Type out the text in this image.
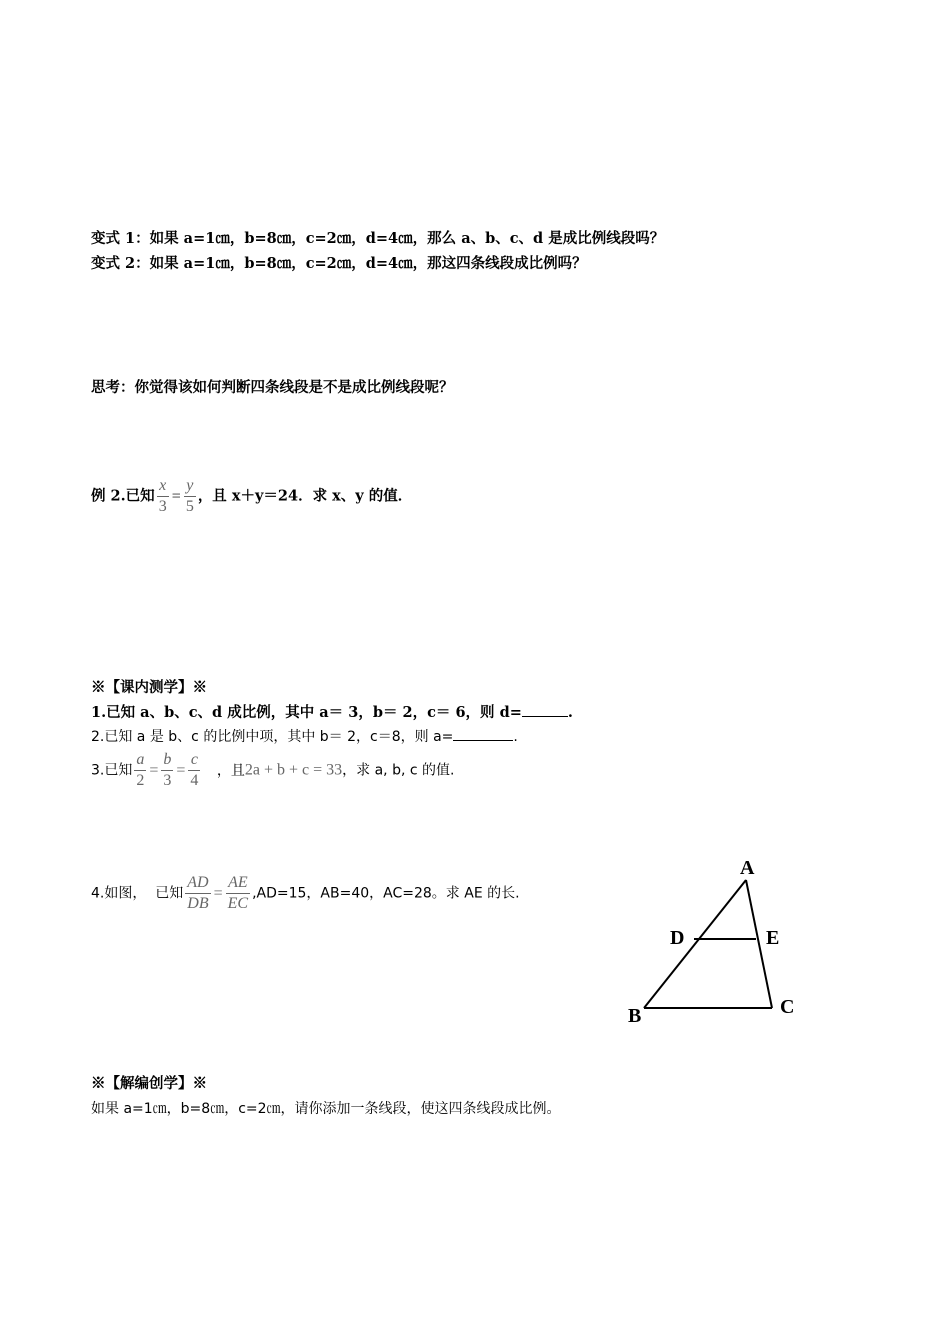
变式 1：如果 a=1㎝，b=8㎝，c=2㎝，d=4㎝，那么 a、b、c、d 是成比例线段吗？
变式 2：如果 a=1㎝，b=8㎝，c=2㎝，d=4㎝，那这四条线段成比例吗？
思考：你觉得该如何判断四条线段是不是成比例线段呢？
例 2.已知 $\frac{x}{3} = \frac{y}{5}$ ，且 x＋y＝24．求 x、y 的值．
※【课内测学】※
1.已知 a、b、c、d 成比例，其中 a＝ 3，b＝ 2，c＝ 6，则 d=	.
2.已知 a 是 b、c 的比例中项，其中 b＝ 2，c＝8，则 a=	.
3.已知 $\frac{a}{2} = \frac{b}{3} = \frac{c}{4}$ ，且2a + b + c = 33，求 a, b, c 的值.
4.如图，  已知 $\frac{AD}{DB} = \frac{AE}{EC} ,AD=15$，AB=40，AC=28。求 AE 的长.
A
D	E
B	C
※【解编创学】※
如果 a=1㎝，b=8㎝，c=2㎝，请你添加一条线段，使这四条线段成比例。
